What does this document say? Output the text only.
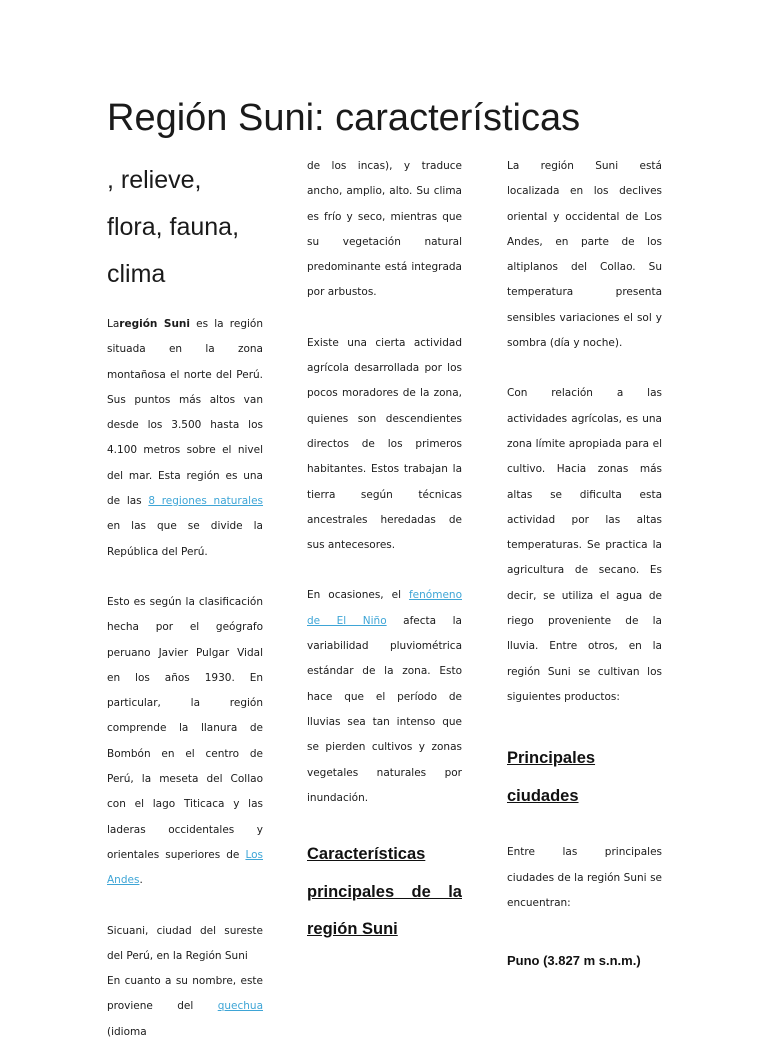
Región Suni: características
, relieve, flora, fauna, clima

Laregión Suni es la región situada en la zona montañosa el norte del Perú. Sus puntos más altos van desde los 3.500 hasta los 4.100 metros sobre el nivel del mar. Esta región es una de las 8 regiones naturales en las que se divide la República del Perú.

Esto es según la clasificación hecha por el geógrafo peruano Javier Pulgar Vidal en los años 1930. En particular, la región comprende la llanura de Bombón en el centro de Perú, la meseta del Collao con el lago Titicaca y las laderas occidentales y orientales superiores de Los Andes.

Sicuani, ciudad del sureste del Perú, en la Región Suni

En cuanto a su nombre, este proviene del quechua (idioma

de los incas), y traduce ancho, amplio, alto. Su clima es frío y seco, mientras que su vegetación natural predominante está integrada por arbustos.

Existe una cierta actividad agrícola desarrollada por los pocos moradores de la zona, quienes son descendientes directos de los primeros habitantes. Estos trabajan la tierra según técnicas ancestrales heredadas de sus antecesores.

En ocasiones, el fenómeno de El Niño afecta la variabilidad pluviométrica estándar de la zona. Esto hace que el período de lluvias sea tan intenso que se pierden cultivos y zonas vegetales naturales por inundación.

Características principales de la región Suni

La región Suni está localizada en los declives oriental y occidental de Los Andes, en parte de los altiplanos del Collao. Su temperatura presenta sensibles variaciones el sol y sombra (día y noche).

Con relación a las actividades agrícolas, es una zona límite apropiada para el cultivo. Hacia zonas más altas se dificulta esta actividad por las altas temperaturas. Se practica la agricultura de secano. Es decir, se utiliza el agua de riego proveniente de la lluvia. Entre otros, en la región Suni se cultivan los siguientes productos:

Principales ciudades

Entre las principales ciudades de la región Suni se encuentran:

Puno (3.827 m s.n.m.)
